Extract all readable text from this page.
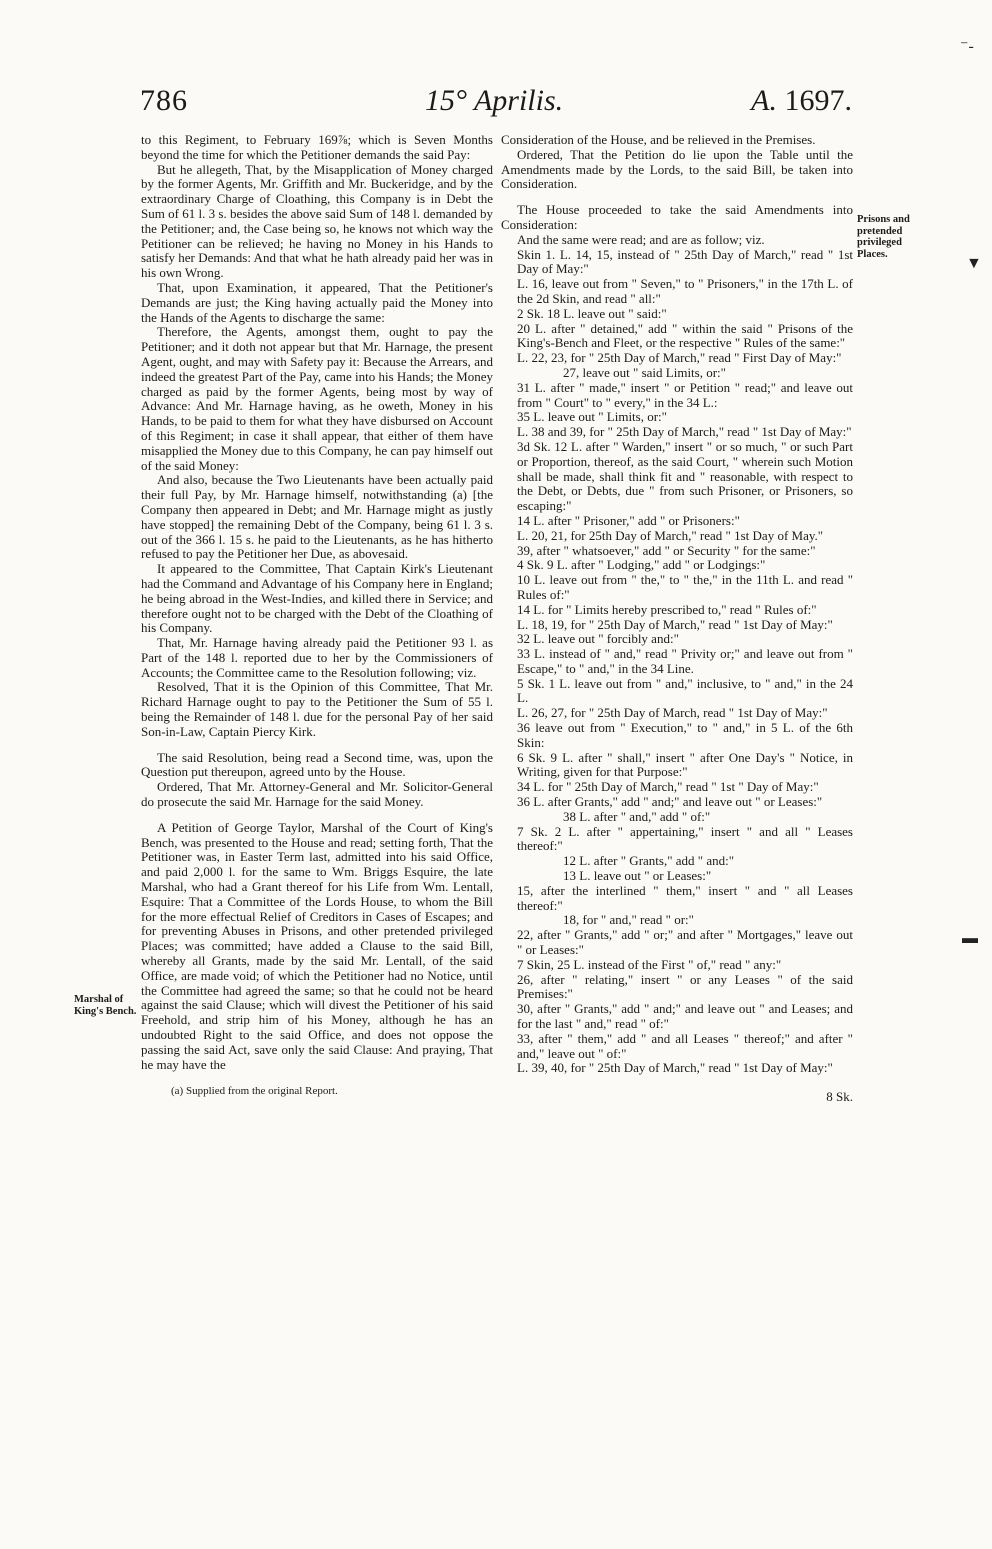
786	15° Aprilis.	A. 1697.
Marshal of King's Bench.
Prisons and pretended privileged Places.
⁻‐
▼
▬

to this Regiment, to February 169⅞; which is Seven Months beyond the time for which the Petitioner demands the said Pay:

But he allegeth, That, by the Misapplication of Money charged by the former Agents, Mr. Griffith and Mr. Buckeridge, and by the extraordinary Charge of Cloathing, this Company is in Debt the Sum of 61 l. 3 s. besides the above said Sum of 148 l. demanded by the Petitioner; and, the Case being so, he knows not which way the Petitioner can be relieved; he having no Money in his Hands to satisfy her Demands: And that what he hath already paid her was in his own Wrong.

That, upon Examination, it appeared, That the Petitioner's Demands are just; the King having actually paid the Money into the Hands of the Agents to discharge the same:

Therefore, the Agents, amongst them, ought to pay the Petitioner; and it doth not appear but that Mr. Harnage, the present Agent, ought, and may with Safety pay it: Because the Arrears, and indeed the greatest Part of the Pay, came into his Hands; the Money charged as paid by the former Agents, being most by way of Advance: And Mr. Harnage having, as he oweth, Money in his Hands, to be paid to them for what they have disbursed on Account of this Regiment; in case it shall appear, that either of them have misapplied the Money due to this Company, he can pay himself out of the said Money:

And also, because the Two Lieutenants have been actually paid their full Pay, by Mr. Harnage himself, notwithstanding (a) [the Company then appeared in Debt; and Mr. Harnage might as justly have stopped] the remaining Debt of the Company, being 61 l. 3 s. out of the 366 l. 15 s. he paid to the Lieutenants, as he has hitherto refused to pay the Petitioner her Due, as abovesaid.

It appeared to the Committee, That Captain Kirk's Lieutenant had the Command and Advantage of his Company here in England; he being abroad in the West-Indies, and killed there in Service; and therefore ought not to be charged with the Debt of the Cloathing of his Company.

That, Mr. Harnage having already paid the Petitioner 93 l. as Part of the 148 l. reported due to her by the Commissioners of Accounts; the Committee came to the Resolution following; viz.

Resolved, That it is the Opinion of this Committee, That Mr. Richard Harnage ought to pay to the Petitioner the Sum of 55 l. being the Remainder of 148 l. due for the personal Pay of her said Son-in-Law, Captain Piercy Kirk.

The said Resolution, being read a Second time, was, upon the Question put thereupon, agreed unto by the House.

Ordered, That Mr. Attorney-General and Mr. Solicitor-General do prosecute the said Mr. Harnage for the said Money.

A Petition of George Taylor, Marshal of the Court of King's Bench, was presented to the House and read; setting forth, That the Petitioner was, in Easter Term last, admitted into his said Office, and paid 2,000 l. for the same to Wm. Briggs Esquire, the late Marshal, who had a Grant thereof for his Life from Wm. Lentall, Esquire: That a Committee of the Lords House, to whom the Bill for the more effectual Relief of Creditors in Cases of Escapes; and for preventing Abuses in Prisons, and other pretended privileged Places; was committed; have added a Clause to the said Bill, whereby all Grants, made by the said Mr. Lentall, of the said Office, are made void; of which the Petitioner had no Notice, until the Committee had agreed the same; so that he could not be heard against the said Clause; which will divest the Petitioner of his said Freehold, and strip him of his Money, although he has an undoubted Right to the said Office, and does not oppose the passing the said Act, save only the said Clause: And praying, That he may have the

(a) Supplied from the original Report.

Consideration of the House, and be relieved in the Premises.

Ordered, That the Petition do lie upon the Table until the Amendments made by the Lords, to the said Bill, be taken into Consideration.

The House proceeded to take the said Amendments into Consideration:

And the same were read; and are as follow; viz.

Skin 1. L. 14, 15, instead of " 25th Day of March," read " 1st Day of May:"

L. 16, leave out from " Seven," to " Prisoners," in the 17th L. of the 2d Skin, and read " all:"

2 Sk. 18 L. leave out " said:"

20 L. after " detained," add " within the said " Prisons of the King's-Bench and Fleet, or the respective " Rules of the same:"

L. 22, 23, for " 25th Day of March," read " First Day of May:"

27, leave out " said Limits, or:"

31 L. after " made," insert " or Petition " read;" and leave out from " Court" to " every," in the 34 L.:

35 L. leave out " Limits, or:"

L. 38 and 39, for " 25th Day of March," read " 1st Day of May:"

3d Sk. 12 L. after " Warden," insert " or so much, " or such Part or Proportion, thereof, as the said Court, " wherein such Motion shall be made, shall think fit and " reasonable, with respect to the Debt, or Debts, due " from such Prisoner, or Prisoners, so escaping:"

14 L. after " Prisoner," add " or Prisoners:"

L. 20, 21, for 25th Day of March," read " 1st Day of May."

39, after " whatsoever," add " or Security " for the same:"

4 Sk. 9 L. after " Lodging," add " or Lodgings:"

10 L. leave out from " the," to " the," in the 11th L. and read " Rules of:"

14 L. for " Limits hereby prescribed to," read " Rules of:"

L. 18, 19, for " 25th Day of March," read " 1st Day of May:"

32 L. leave out " forcibly and:"

33 L. instead of " and," read " Privity or;" and leave out from " Escape," to " and," in the 34 Line.

5 Sk. 1 L. leave out from " and," inclusive, to " and," in the 24 L.

L. 26, 27, for " 25th Day of March, read " 1st Day of May:"

36 leave out from " Execution," to " and," in 5 L. of the 6th Skin:

6 Sk. 9 L. after " shall," insert " after One Day's " Notice, in Writing, given for that Purpose:"

34 L. for " 25th Day of March," read " 1st " Day of May:"

36 L. after Grants," add " and;" and leave out " or Leases:"

38 L. after " and," add " of:"

7 Sk. 2 L. after " appertaining," insert " and all " Leases thereof:"

12 L. after " Grants," add " and:"

13 L. leave out " or Leases:"

15, after the interlined " them," insert " and " all Leases thereof:"

18, for " and," read " or:"

22, after " Grants," add " or;" and after " Mortgages," leave out " or Leases:"

7 Skin, 25 L. instead of the First " of," read " any:"

26, after " relating," insert " or any Leases " of the said Premises:"

30, after " Grants," add " and;" and leave out " and Leases; and for the last " and," read " of:"

33, after " them," add " and all Leases " thereof;" and after " and," leave out " of:"

L. 39, 40, for " 25th Day of March," read " 1st Day of May:"

8 Sk.
